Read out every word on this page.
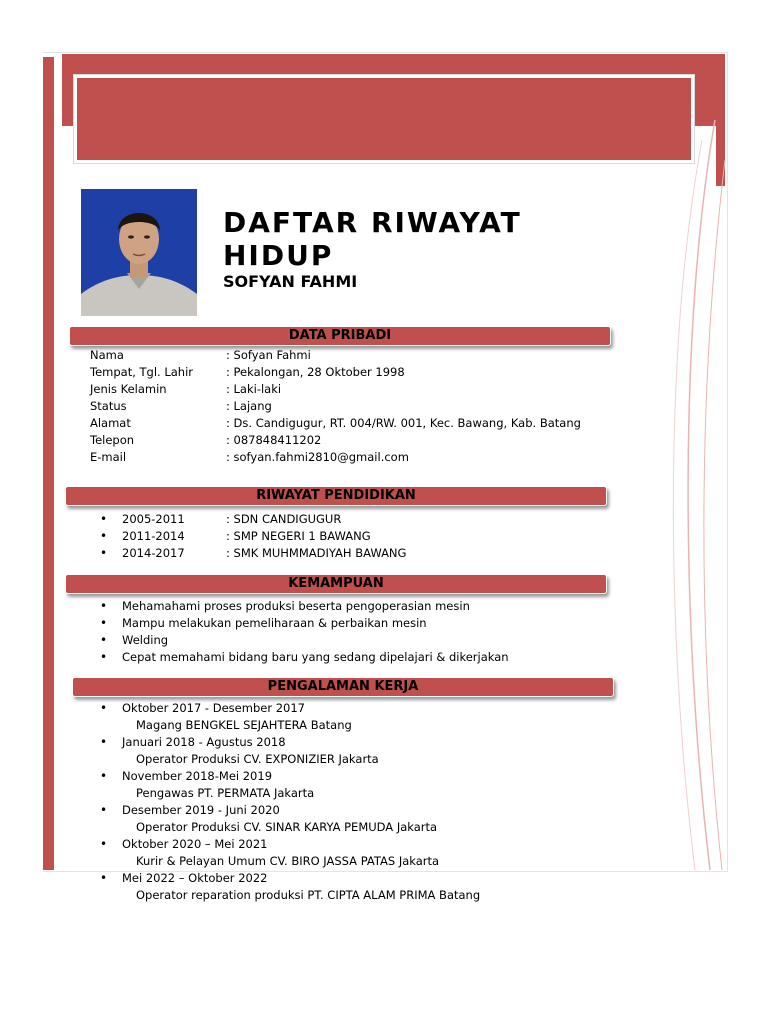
DAFTAR RIWAYAT HIDUP
SOFYAN FAHMI
DATA PRIBADI
Nama	: Sofyan Fahmi
Tempat, Tgl. Lahir	: Pekalongan, 28 Oktober 1998
Jenis Kelamin	: Laki-laki
Status	: Lajang
Alamat	: Ds. Candigugur, RT. 004/RW. 001, Kec. Bawang, Kab. Batang
Telepon	: 087848411202
E-mail	: sofyan.fahmi2810@gmail.com
RIWAYAT PENDIDIKAN
• 2005-2011	: SDN CANDIGUGUR
• 2011-2014	: SMP NEGERI 1 BAWANG
• 2014-2017	: SMK MUHMMADIYAH BAWANG
KEMAMPUAN
• Mehamahami proses produksi beserta pengoperasian mesin
• Mampu melakukan pemeliharaan & perbaikan mesin
• Welding
• Cepat memahami bidang baru yang sedang dipelajari & dikerjakan
PENGALAMAN KERJA
• Oktober 2017 - Desember 2017
Magang BENGKEL SEJAHTERA Batang
• Januari 2018 - Agustus 2018
Operator Produksi CV. EXPONIZIER Jakarta
• November 2018-Mei 2019
Pengawas PT. PERMATA Jakarta
• Desember 2019 - Juni 2020
Operator Produksi CV. SINAR KARYA PEMUDA Jakarta
• Oktober 2020 – Mei 2021
Kurir & Pelayan Umum CV. BIRO JASSA PATAS Jakarta
• Mei 2022 – Oktober 2022
Operator reparation produksi PT. CIPTA ALAM PRIMA Batang
